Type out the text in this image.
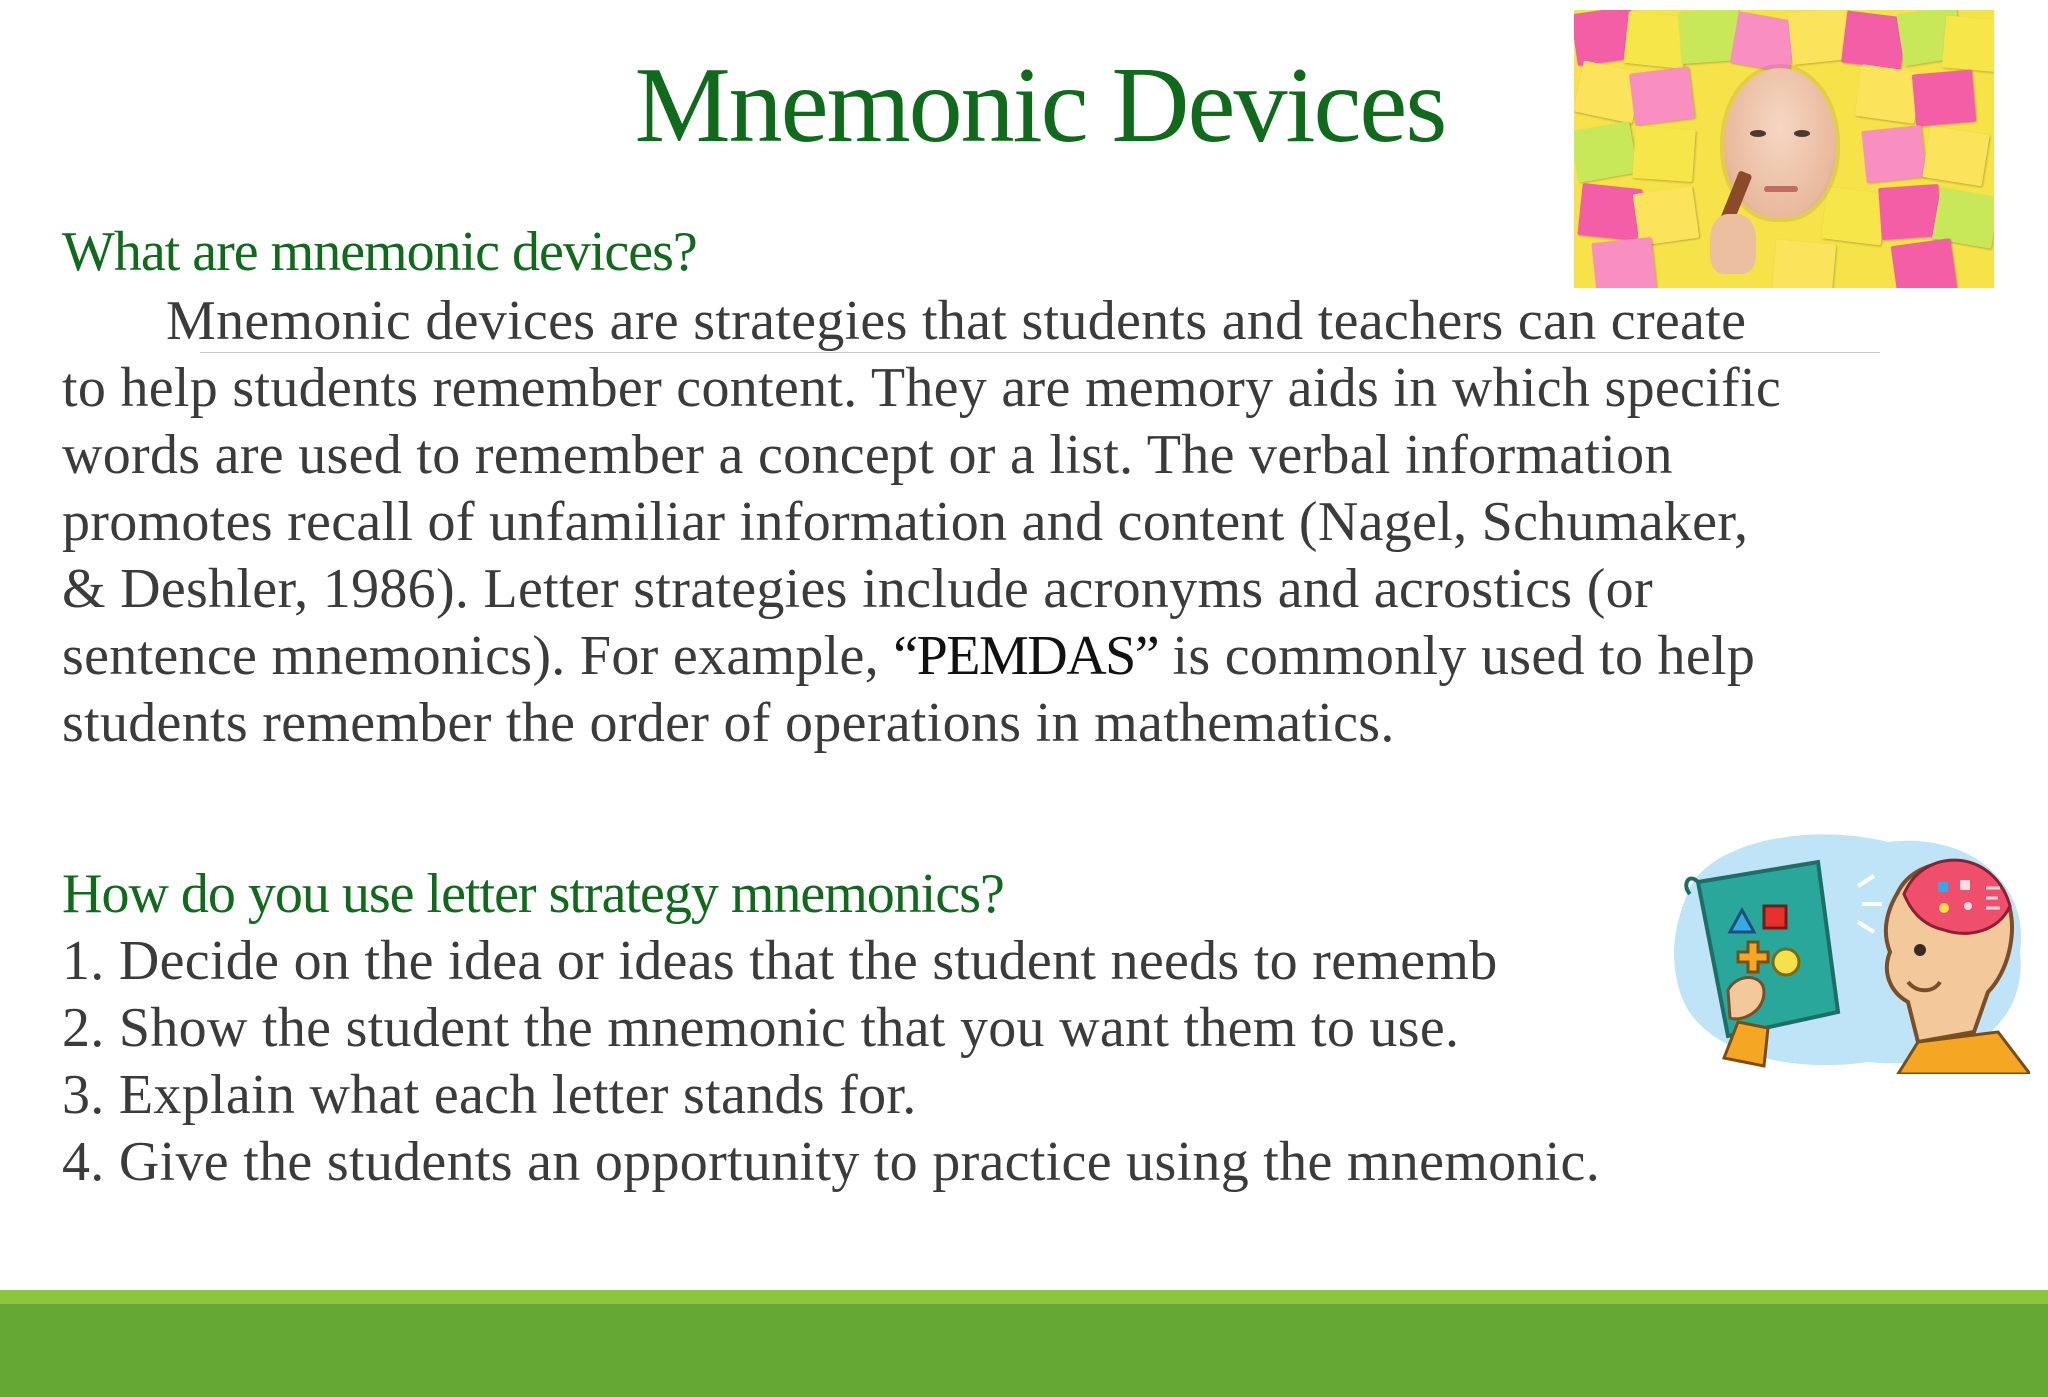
Mnemonic Devices
What are mnemonic devices?
Mnemonic devices are strategies that students and teachers can create
to help students remember content. They are memory aids in which specific
words are used to remember a concept or a list. The verbal information
promotes recall of unfamiliar information and content (Nagel, Schumaker,
& Deshler, 1986). Letter strategies include acronyms and acrostics (or
sentence mnemonics). For example, “PEMDAS” is commonly used to help
students remember the order of operations in mathematics.
How do you use letter strategy mnemonics?
1. Decide on the idea or ideas that the student needs to rememb
2. Show the student the mnemonic that you want them to use.
3. Explain what each letter stands for.
4. Give the students an opportunity to practice using the mnemonic.
